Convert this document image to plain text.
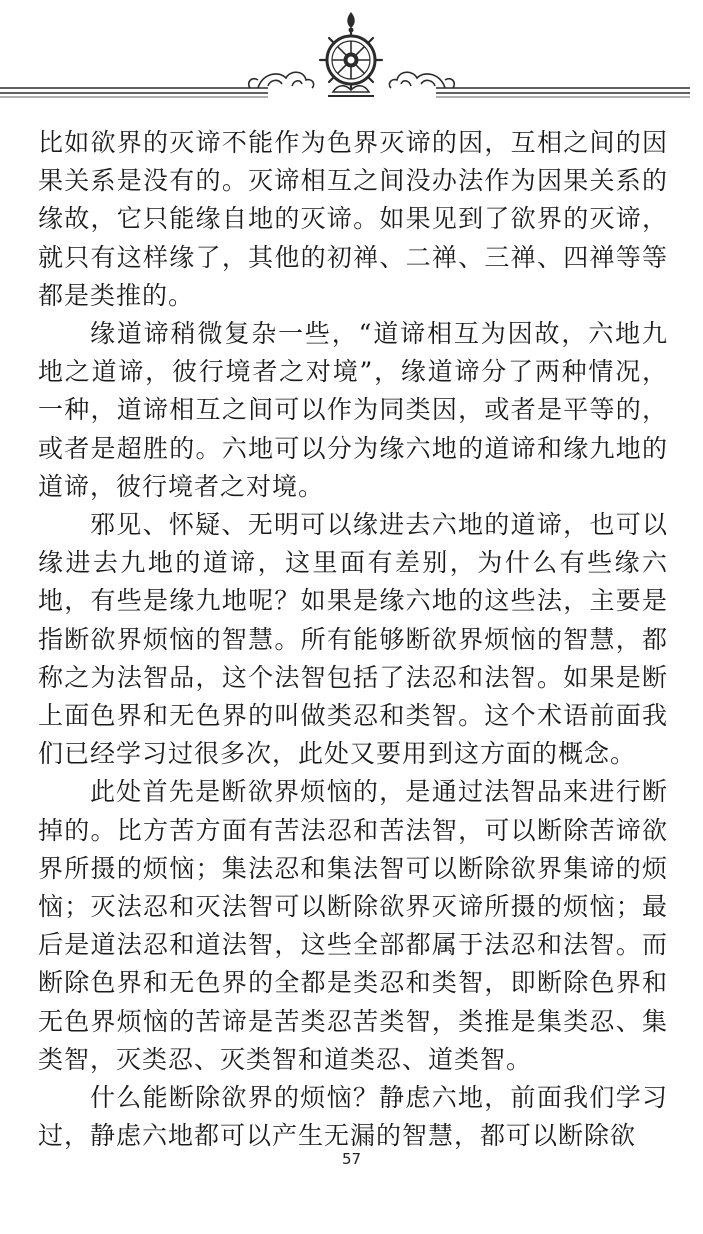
比如欲界的灭谛不能作为色界灭谛的因，互相之间的因果关系是没有的。灭谛相互之间没办法作为因果关系的缘故，它只能缘自地的灭谛。如果见到了欲界的灭谛，就只有这样缘了，其他的初禅、二禅、三禅、四禅等等都是类推的。

缘道谛稍微复杂一些，“道谛相互为因故，六地九地之道谛，彼行境者之对境”，缘道谛分了两种情况，一种，道谛相互之间可以作为同类因，或者是平等的，或者是超胜的。六地可以分为缘六地的道谛和缘九地的道谛，彼行境者之对境。

邪见、怀疑、无明可以缘进去六地的道谛，也可以缘进去九地的道谛，这里面有差别，为什么有些缘六地，有些是缘九地呢？如果是缘六地的这些法，主要是指断欲界烦恼的智慧。所有能够断欲界烦恼的智慧，都称之为法智品，这个法智包括了法忍和法智。如果是断上面色界和无色界的叫做类忍和类智。这个术语前面我们已经学习过很多次，此处又要用到这方面的概念。

此处首先是断欲界烦恼的，是通过法智品来进行断掉的。比方苦方面有苦法忍和苦法智，可以断除苦谛欲界所摄的烦恼；集法忍和集法智可以断除欲界集谛的烦恼；灭法忍和灭法智可以断除欲界灭谛所摄的烦恼；最后是道法忍和道法智，这些全部都属于法忍和法智。而断除色界和无色界的全都是类忍和类智，即断除色界和无色界烦恼的苦谛是苦类忍苦类智，类推是集类忍、集类智，灭类忍、灭类智和道类忍、道类智。

什么能断除欲界的烦恼？静虑六地，前面我们学习过，静虑六地都可以产生无漏的智慧，都可以断除欲

57
